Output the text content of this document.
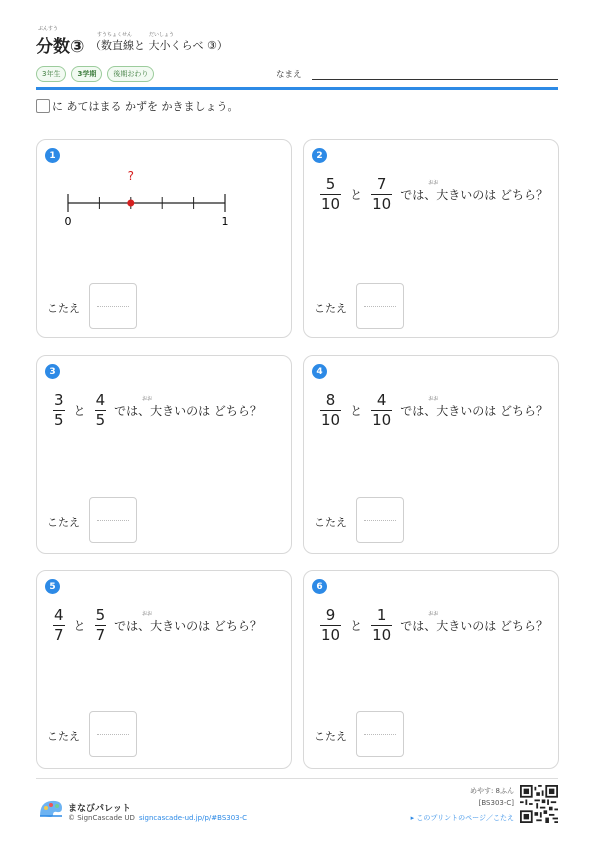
ぶんすう
分数③
すうちょくせん	だいしょう
（数直線と 大小くらべ ③）
3年生	3学期	後期おわり	なまえ
に あてはまる かずを かきましょう。
1
?
0	1
こたえ
2
$\frac{5}{10}$ と $\frac{7}{10}$	おお
では、大きいのは どちら？
こたえ
3
$\frac{3}{5}$ と $\frac{4}{5}$	おお
では、大きいのは どちら？
こたえ
4
$\frac{8}{10}$ と $\frac{4}{10}$	おお
では、大きいのは どちら？
こたえ
5
$\frac{4}{7}$ と $\frac{5}{7}$	おお
では、大きいのは どちら？
こたえ
6
$\frac{9}{10}$ と $\frac{1}{10}$	おお
では、大きいのは どちら？
こたえ
まなびパレット
© SignCascade UD signcascade-ud.jp/p/#BS303-C
めやす: 8ふん
[BS303-C]
▸ このプリントのページ／こたえ
